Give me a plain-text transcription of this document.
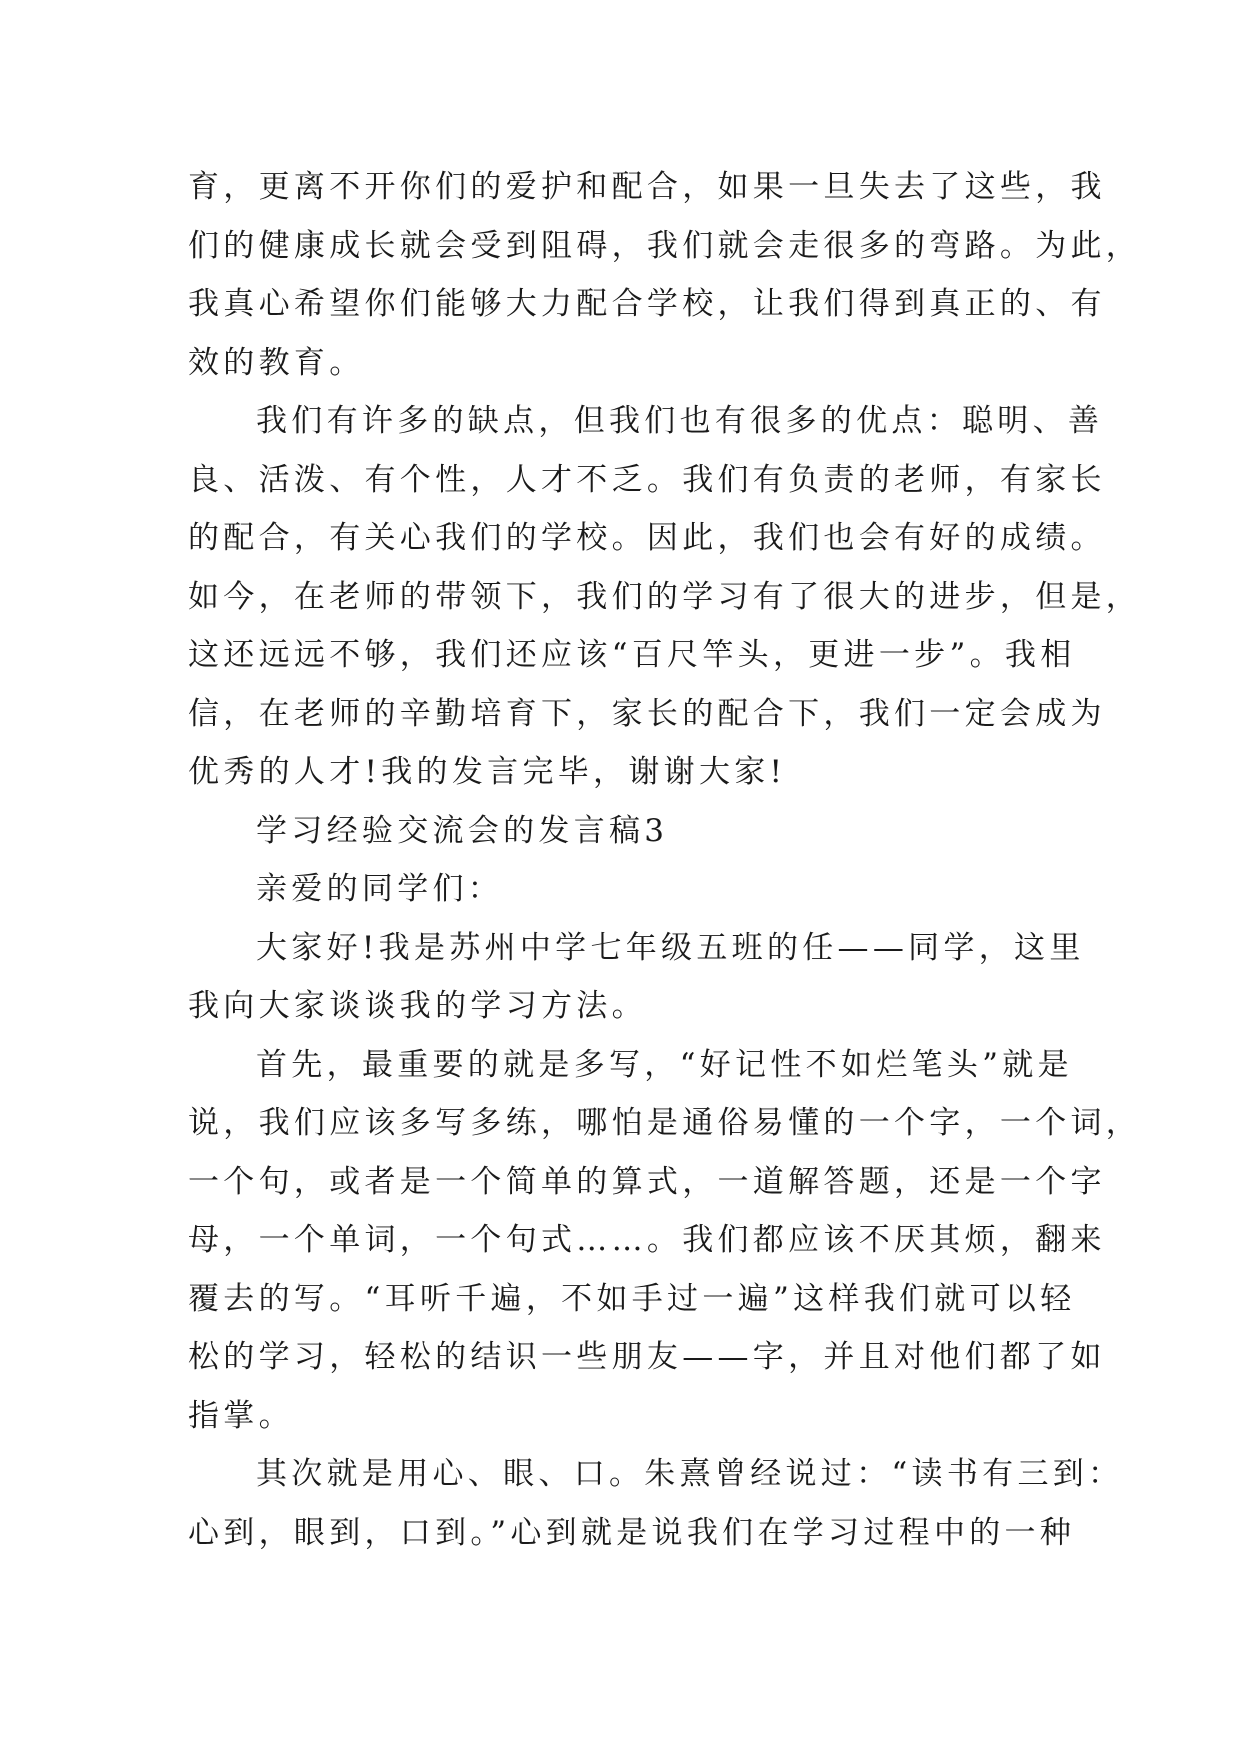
育，更离不开你们的爱护和配合，如果一旦失去了这些，我
们的健康成长就会受到阻碍，我们就会走很多的弯路。为此，
我真心希望你们能够大力配合学校，让我们得到真正的、有
效的教育。
我们有许多的缺点，但我们也有很多的优点：聪明、善
良、活泼、有个性，人才不乏。我们有负责的老师，有家长
的配合，有关心我们的学校。因此，我们也会有好的成绩。
如今，在老师的带领下，我们的学习有了很大的进步，但是，
这还远远不够，我们还应该“百尺竿头，更进一步”。我相
信，在老师的辛勤培育下，家长的配合下，我们一定会成为
优秀的人才!我的发言完毕，谢谢大家!
学习经验交流会的发言稿3
亲爱的同学们：
大家好!我是苏州中学七年级五班的任——同学，这里
我向大家谈谈我的学习方法。
首先，最重要的就是多写，“好记性不如烂笔头”就是
说，我们应该多写多练，哪怕是通俗易懂的一个字，一个词，
一个句，或者是一个简单的算式，一道解答题，还是一个字
母，一个单词，一个句式……。我们都应该不厌其烦，翻来
覆去的写。“耳听千遍，不如手过一遍”这样我们就可以轻
松的学习，轻松的结识一些朋友——字，并且对他们都了如
指掌。
其次就是用心、眼、口。朱熹曾经说过：“读书有三到：
心到，眼到，口到。”心到就是说我们在学习过程中的一种
